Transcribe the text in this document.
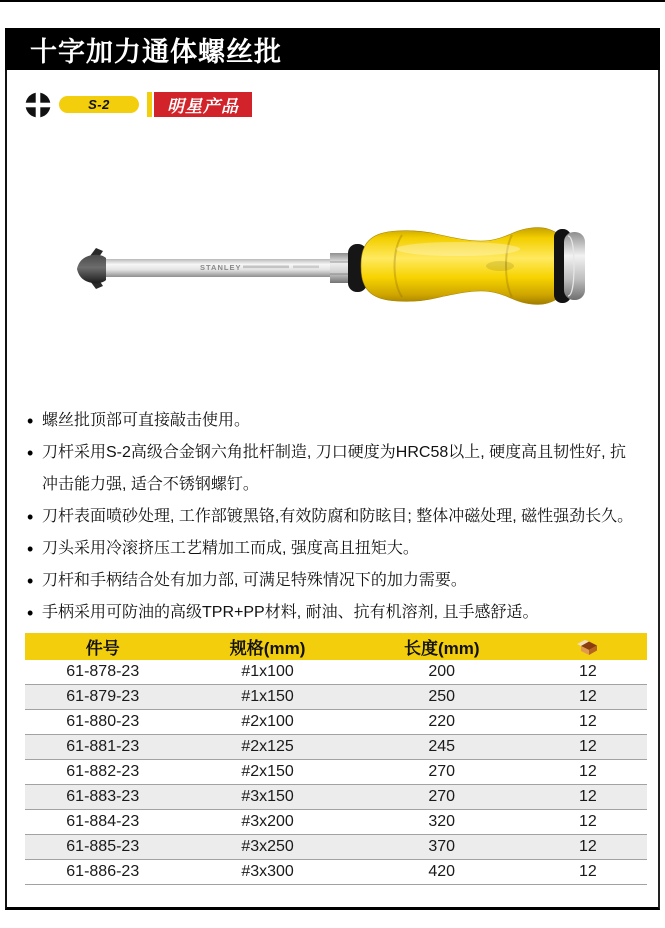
十字加力通体螺丝批
S-2	明星产品
STANLEY
• 螺丝批顶部可直接敲击使用。
• 刀杆采用S-2高级合金钢六角批杆制造, 刀口硬度为HRC58以上, 硬度高且韧性好, 抗冲击能力强, 适合不锈钢螺钉。
• 刀杆表面喷砂处理, 工作部镀黑铬,有效防腐和防眩目; 整体冲磁处理, 磁性强劲长久。
• 刀头采用冷滚挤压工艺精加工而成, 强度高且扭矩大。
• 刀杆和手柄结合处有加力部, 可满足特殊情况下的加力需要。
• 手柄采用可防油的高级TPR+PP材料, 耐油、抗有机溶剂, 且手感舒适。
件号	规格(mm)	长度(mm)	
61-878-23	#1x100	200	12
61-879-23	#1x150	250	12
61-880-23	#2x100	220	12
61-881-23	#2x125	245	12
61-882-23	#2x150	270	12
61-883-23	#3x150	270	12
61-884-23	#3x200	320	12
61-885-23	#3x250	370	12
61-886-23	#3x300	420	12
